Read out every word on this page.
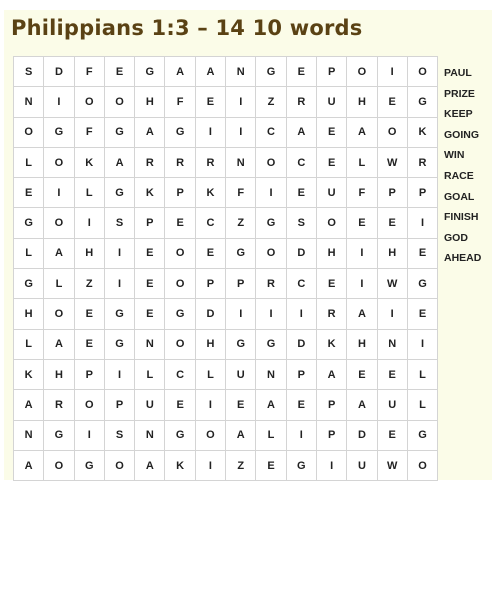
Philippians 1:3 – 14 10 words
S	D	F	E	G	A	A	N	G	E	P	O	I	O
N	I	O	O	H	F	E	I	Z	R	U	H	E	G
O	G	F	G	A	G	I	I	C	A	E	A	O	K
L	O	K	A	R	R	R	N	O	C	E	L	W	R
E	I	L	G	K	P	K	F	I	E	U	F	P	P
G	O	I	S	P	E	C	Z	G	S	O	E	E	I
L	A	H	I	E	O	E	G	O	D	H	I	H	E
G	L	Z	I	E	O	P	P	R	C	E	I	W	G
H	O	E	G	E	G	D	I	I	I	R	A	I	E
L	A	E	G	N	O	H	G	G	D	K	H	N	I
K	H	P	I	L	C	L	U	N	P	A	E	E	L
A	R	O	P	U	E	I	E	A	E	P	A	U	L
N	G	I	S	N	G	O	A	L	I	P	D	E	G
A	O	G	O	A	K	I	Z	E	G	I	U	W	O
PAUL
PRIZE
KEEP
GOING
WIN
RACE
GOAL
FINISH
GOD
AHEAD
